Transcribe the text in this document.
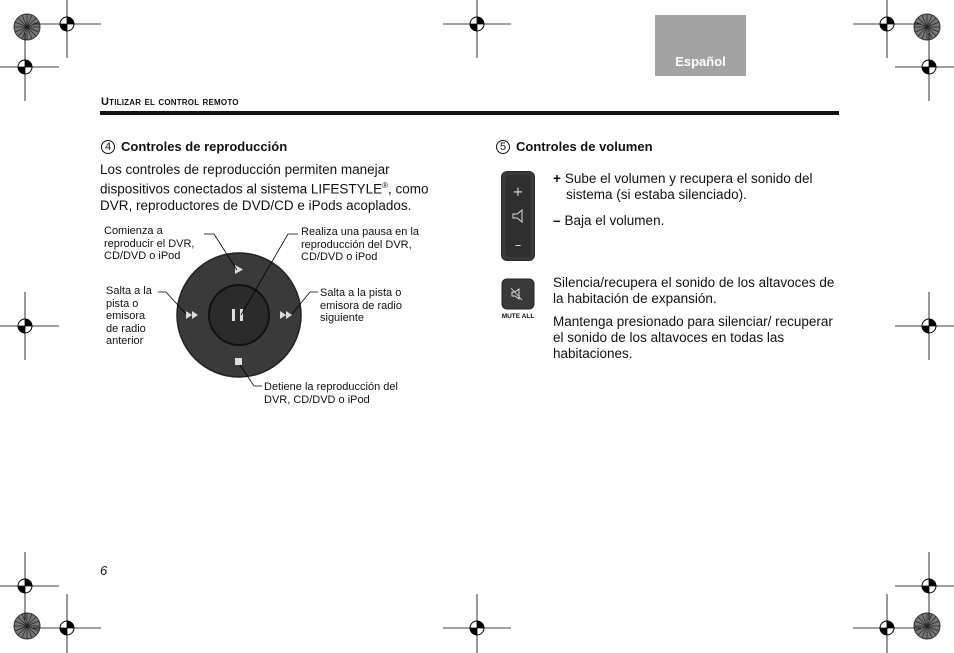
Español
Utilizar el control remoto
4 Controles de reproducción
Los controles de reproducción permiten manejar dispositivos conectados al sistema LIFESTYLE®, como DVR, reproductores de DVD/CD e iPods acoplados.
Comienza a reproducir el DVR, CD/DVD o iPod
Realiza una pausa en la reproducción del DVR, CD/DVD o iPod
Salta a la pista o emisora de radio anterior
Salta a la pista o emisora de radio siguiente
Detiene la reproducción del DVR, CD/DVD o iPod
5 Controles de volumen
+
–
+ Sube el volumen y recupera el sonido del sistema (si estaba silenciado).
– Baja el volumen.
MUTE ALL
Silencia/recupera el sonido de los altavoces de la habitación de expansión.
Mantenga presionado para silenciar/ recuperar el sonido de los altavoces en todas las habitaciones.
6
